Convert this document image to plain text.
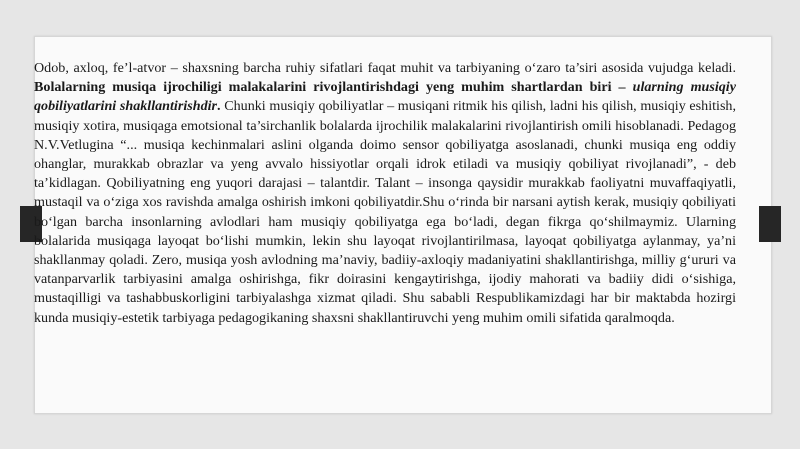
Odob, axloq, fe’l-atvor – shaxsning barcha ruhiy sifatlari faqat muhit va tarbiyaning o‘zaro ta’siri asosida vujudga keladi. Bolalarning musiqa ijrochiligi malakalarini rivojlantirishdagi yeng muhim shartlardan biri – ularning musiqiy qobiliyatlarini shakllantirishdir. Chunki musiqiy qobiliyatlar – musiqani ritmik his qilish, ladni his qilish, musiqiy eshitish, musiqiy xotira, musiqaga emotsional ta’sirchanlik bolalarda ijrochilik malakalarini rivojlantirish omili hisoblanadi. Pedagog N.V.Vetlugina “... musiqa kechinmalari aslini olganda doimo sensor qobiliyatga asoslanadi, chunki musiqa eng oddiy ohanglar, murakkab obrazlar va yeng avvalo hissiyotlar orqali idrok etiladi va musiqiy qobiliyat rivojlanadi”, - deb ta’kidlagan. Qobiliyatning eng yuqori darajasi – talantdir. Talant – insonga qaysidir murakkab faoliyatni muvaffaqiyatli, mustaqil va o‘ziga xos ravishda amalga oshirish imkoni qobiliyatdir.Shu o‘rinda bir narsani aytish kerak, musiqiy qobiliyati bo‘lgan barcha insonlarning avlodlari ham musiqiy qobiliyatga ega bo‘ladi, degan fikrga qo‘shilmaymiz. Ularning bolalarida musiqaga layoqat bo‘lishi mumkin, lekin shu layoqat rivojlantirilmasa, layoqat qobiliyatga aylanmay, ya’ni shakllanmay qoladi. Zero, musiqa yosh avlodning ma’naviy, badiiy-axloqiy madaniyatini shakllantirishga, milliy g‘ururi va vatanparvarlik tarbiyasini amalga oshirishga, fikr doirasini kengaytirishga, ijodiy mahorati va badiiy didi o‘sishiga, mustaqilligi va tashabbuskorligini tarbiyalashga xizmat qiladi. Shu sababli Respublikamizdagi har bir maktabda hozirgi kunda musiqiy-estetik tarbiyaga pedagogikaning shaxsni shakllantiruvchi yeng muhim omili sifatida qaralmoqda.
